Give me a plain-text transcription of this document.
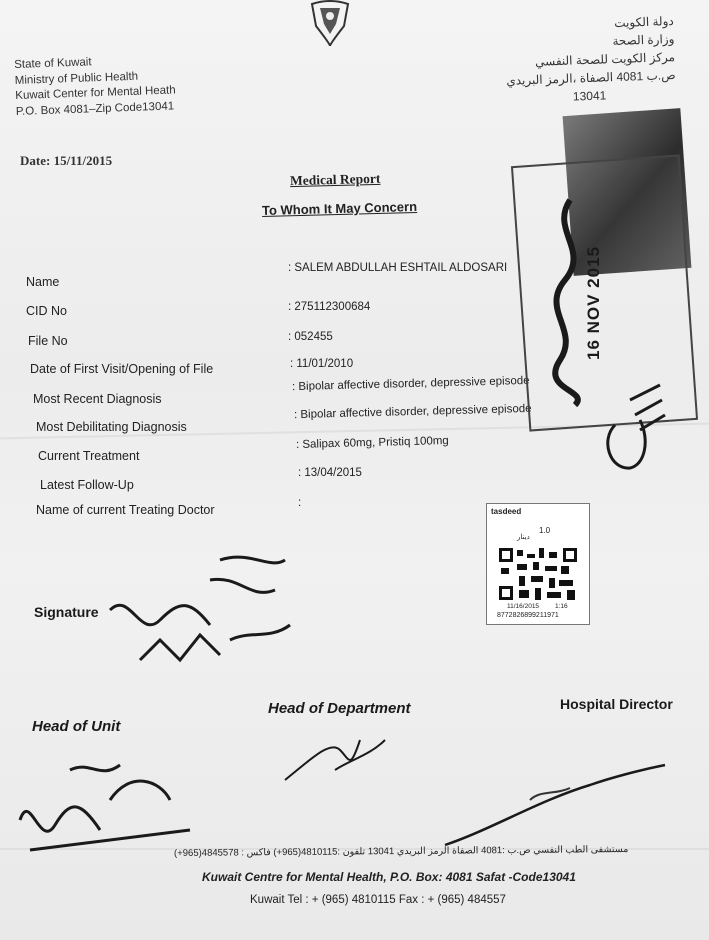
State of Kuwait
Ministry of Public Health
Kuwait Center for Mental Heath
P.O. Box 4081–Zip Code13041
دولة الكويت
وزارة الصحة
مركز الكويت للصحة النفسي
ص.ب 4081 الصفاة ،الرمز البريدي
13041
Date: 15/11/2015
Medical Report
To Whom It May Concern
Name
: SALEM ABDULLAH ESHTAIL ALDOSARI
CID No	: 275112300684
File No	: 052455
Date of First Visit/Opening of File	: 11/01/2010
Most Recent Diagnosis
: Bipolar affective disorder, depressive episode
Most Debilitating Diagnosis
: Bipolar affective disorder, depressive episode
Current Treatment
: Salipax 60mg, Pristiq 100mg
Latest Follow-Up
: 13/04/2015
Name of current Treating Doctor	:
16 NOV 2015
tasdeed
دينار
1.0
11/16/2015 1:16
8772826899211971
Signature
Head of Unit
Head of Department	Hospital Director
مستشفى الطب النفسي ص.ب :4081 الصفاة الرمز البريدي 13041 تلفون :4810115(965+) فاكس : 4845578(965+)
Kuwait Centre for Mental Health, P.O. Box: 4081 Safat -Code13041
Kuwait Tel : + (965) 4810115 Fax : + (965) 484557
